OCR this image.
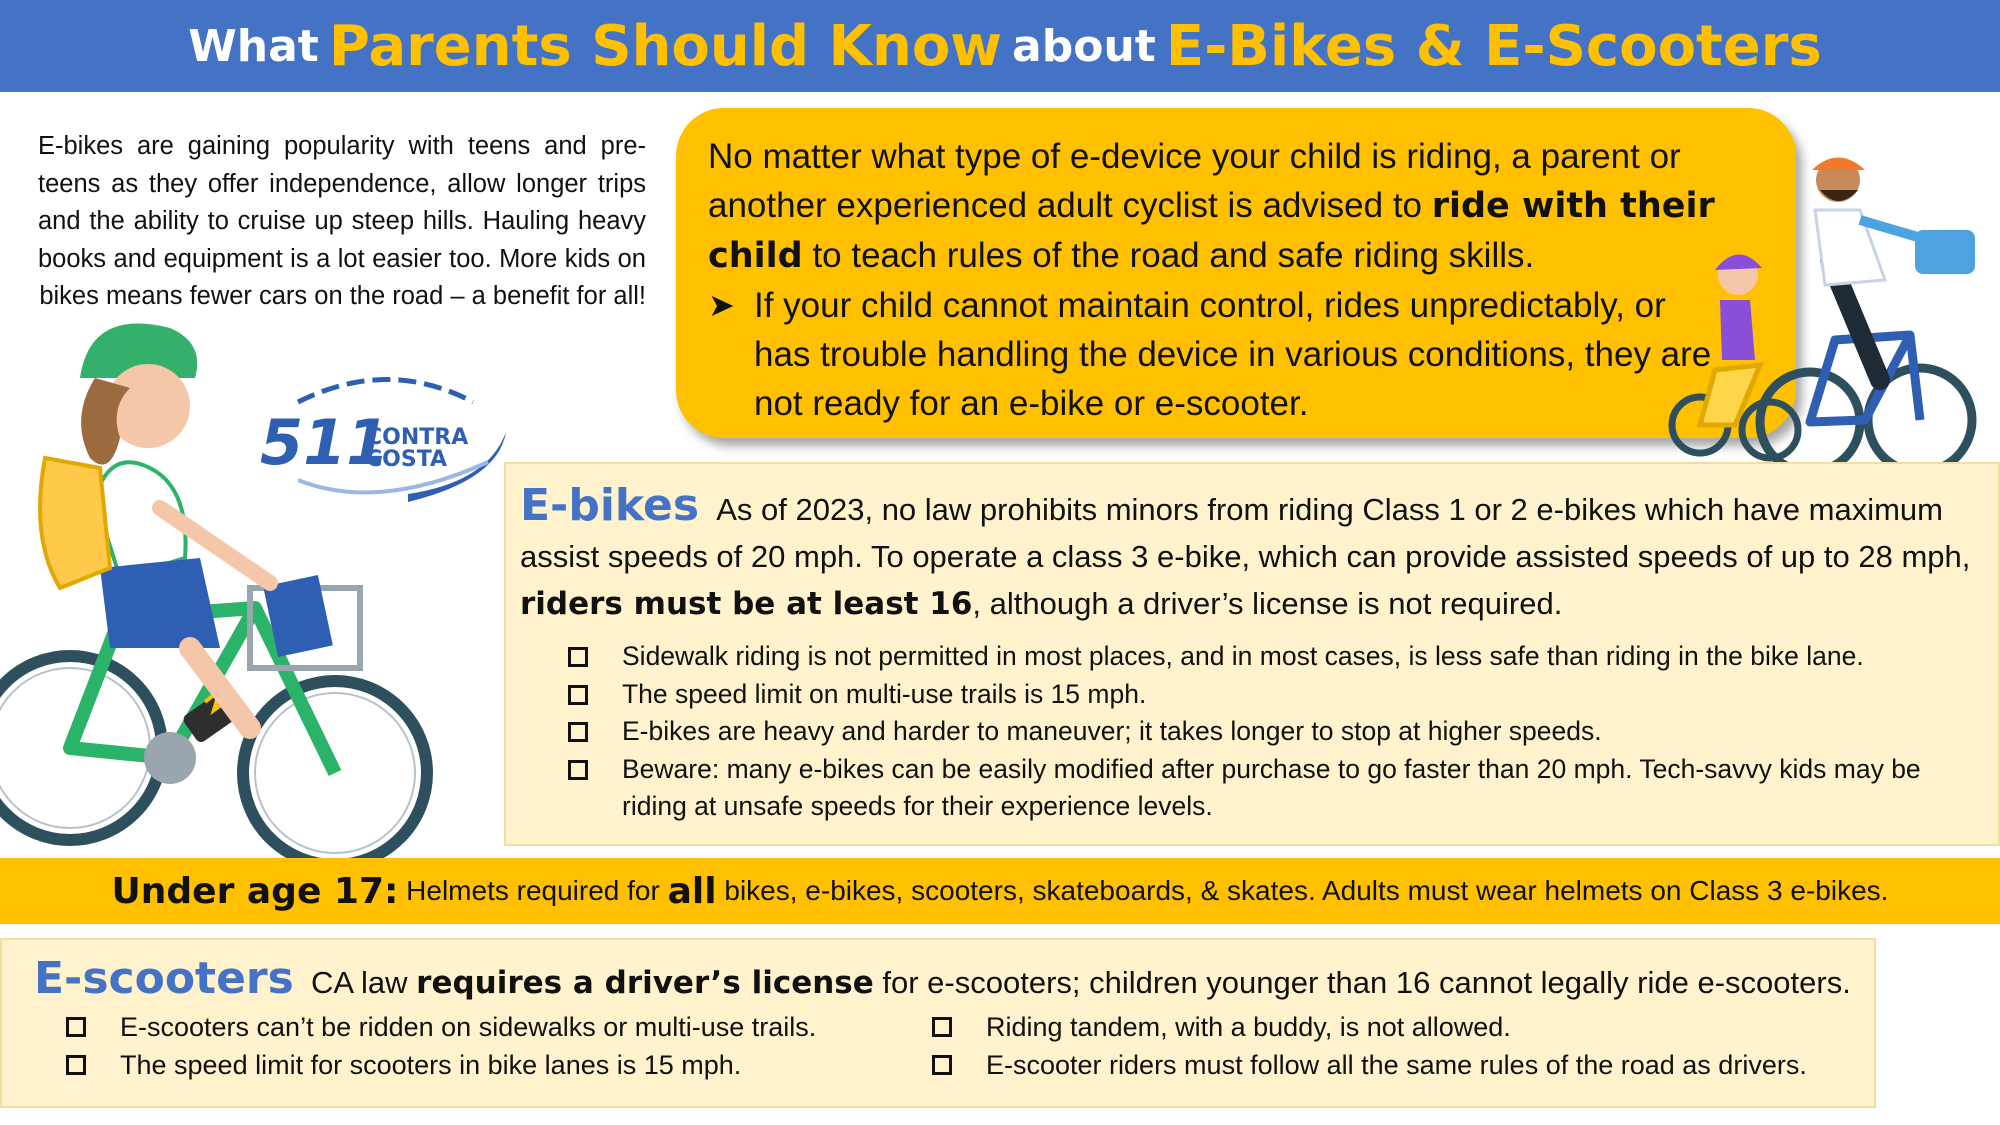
What Parents Should Know about E-Bikes & E-Scooters
E-bikes are gaining popularity with teens and pre-teens as they offer independence, allow longer trips and the ability to cruise up steep hills. Hauling heavy books and equipment is a lot easier too. More kids on bikes means fewer cars on the road – a benefit for all!
511
CONTRA
COSTA
No matter what type of e-device your child is riding, a parent or another experienced adult cyclist is advised to ride with their child to teach rules of the road and safe riding skills.
➤ If your child cannot maintain control, rides unpredictably, or has trouble handling the device in various conditions, they are not ready for an e-bike or e-scooter.
E-bikes As of 2023, no law prohibits minors from riding Class 1 or 2 e-bikes which have maximum assist speeds of 20 mph. To operate a class 3 e-bike, which can provide assisted speeds of up to 28 mph, riders must be at least 16, although a driver’s license is not required.
Sidewalk riding is not permitted in most places, and in most cases, is less safe than riding in the bike lane.
The speed limit on multi-use trails is 15 mph.
E-bikes are heavy and harder to maneuver; it takes longer to stop at higher speeds.
Beware: many e-bikes can be easily modified after purchase to go faster than 20 mph. Tech-savvy kids may be riding at unsafe speeds for their experience levels.
Under age 17:
Helmets required for
all
bikes, e-bikes, scooters, skateboards, & skates. Adults must wear helmets on Class 3 e-bikes.
E-scooters CA law requires a driver’s license for e-scooters; children younger than 16 cannot legally ride e-scooters.
E-scooters can’t be ridden on sidewalks or multi-use trails.	Riding tandem, with a buddy, is not allowed.
The speed limit for scooters in bike lanes is 15 mph.	E-scooter riders must follow all the same rules of the road as drivers.
